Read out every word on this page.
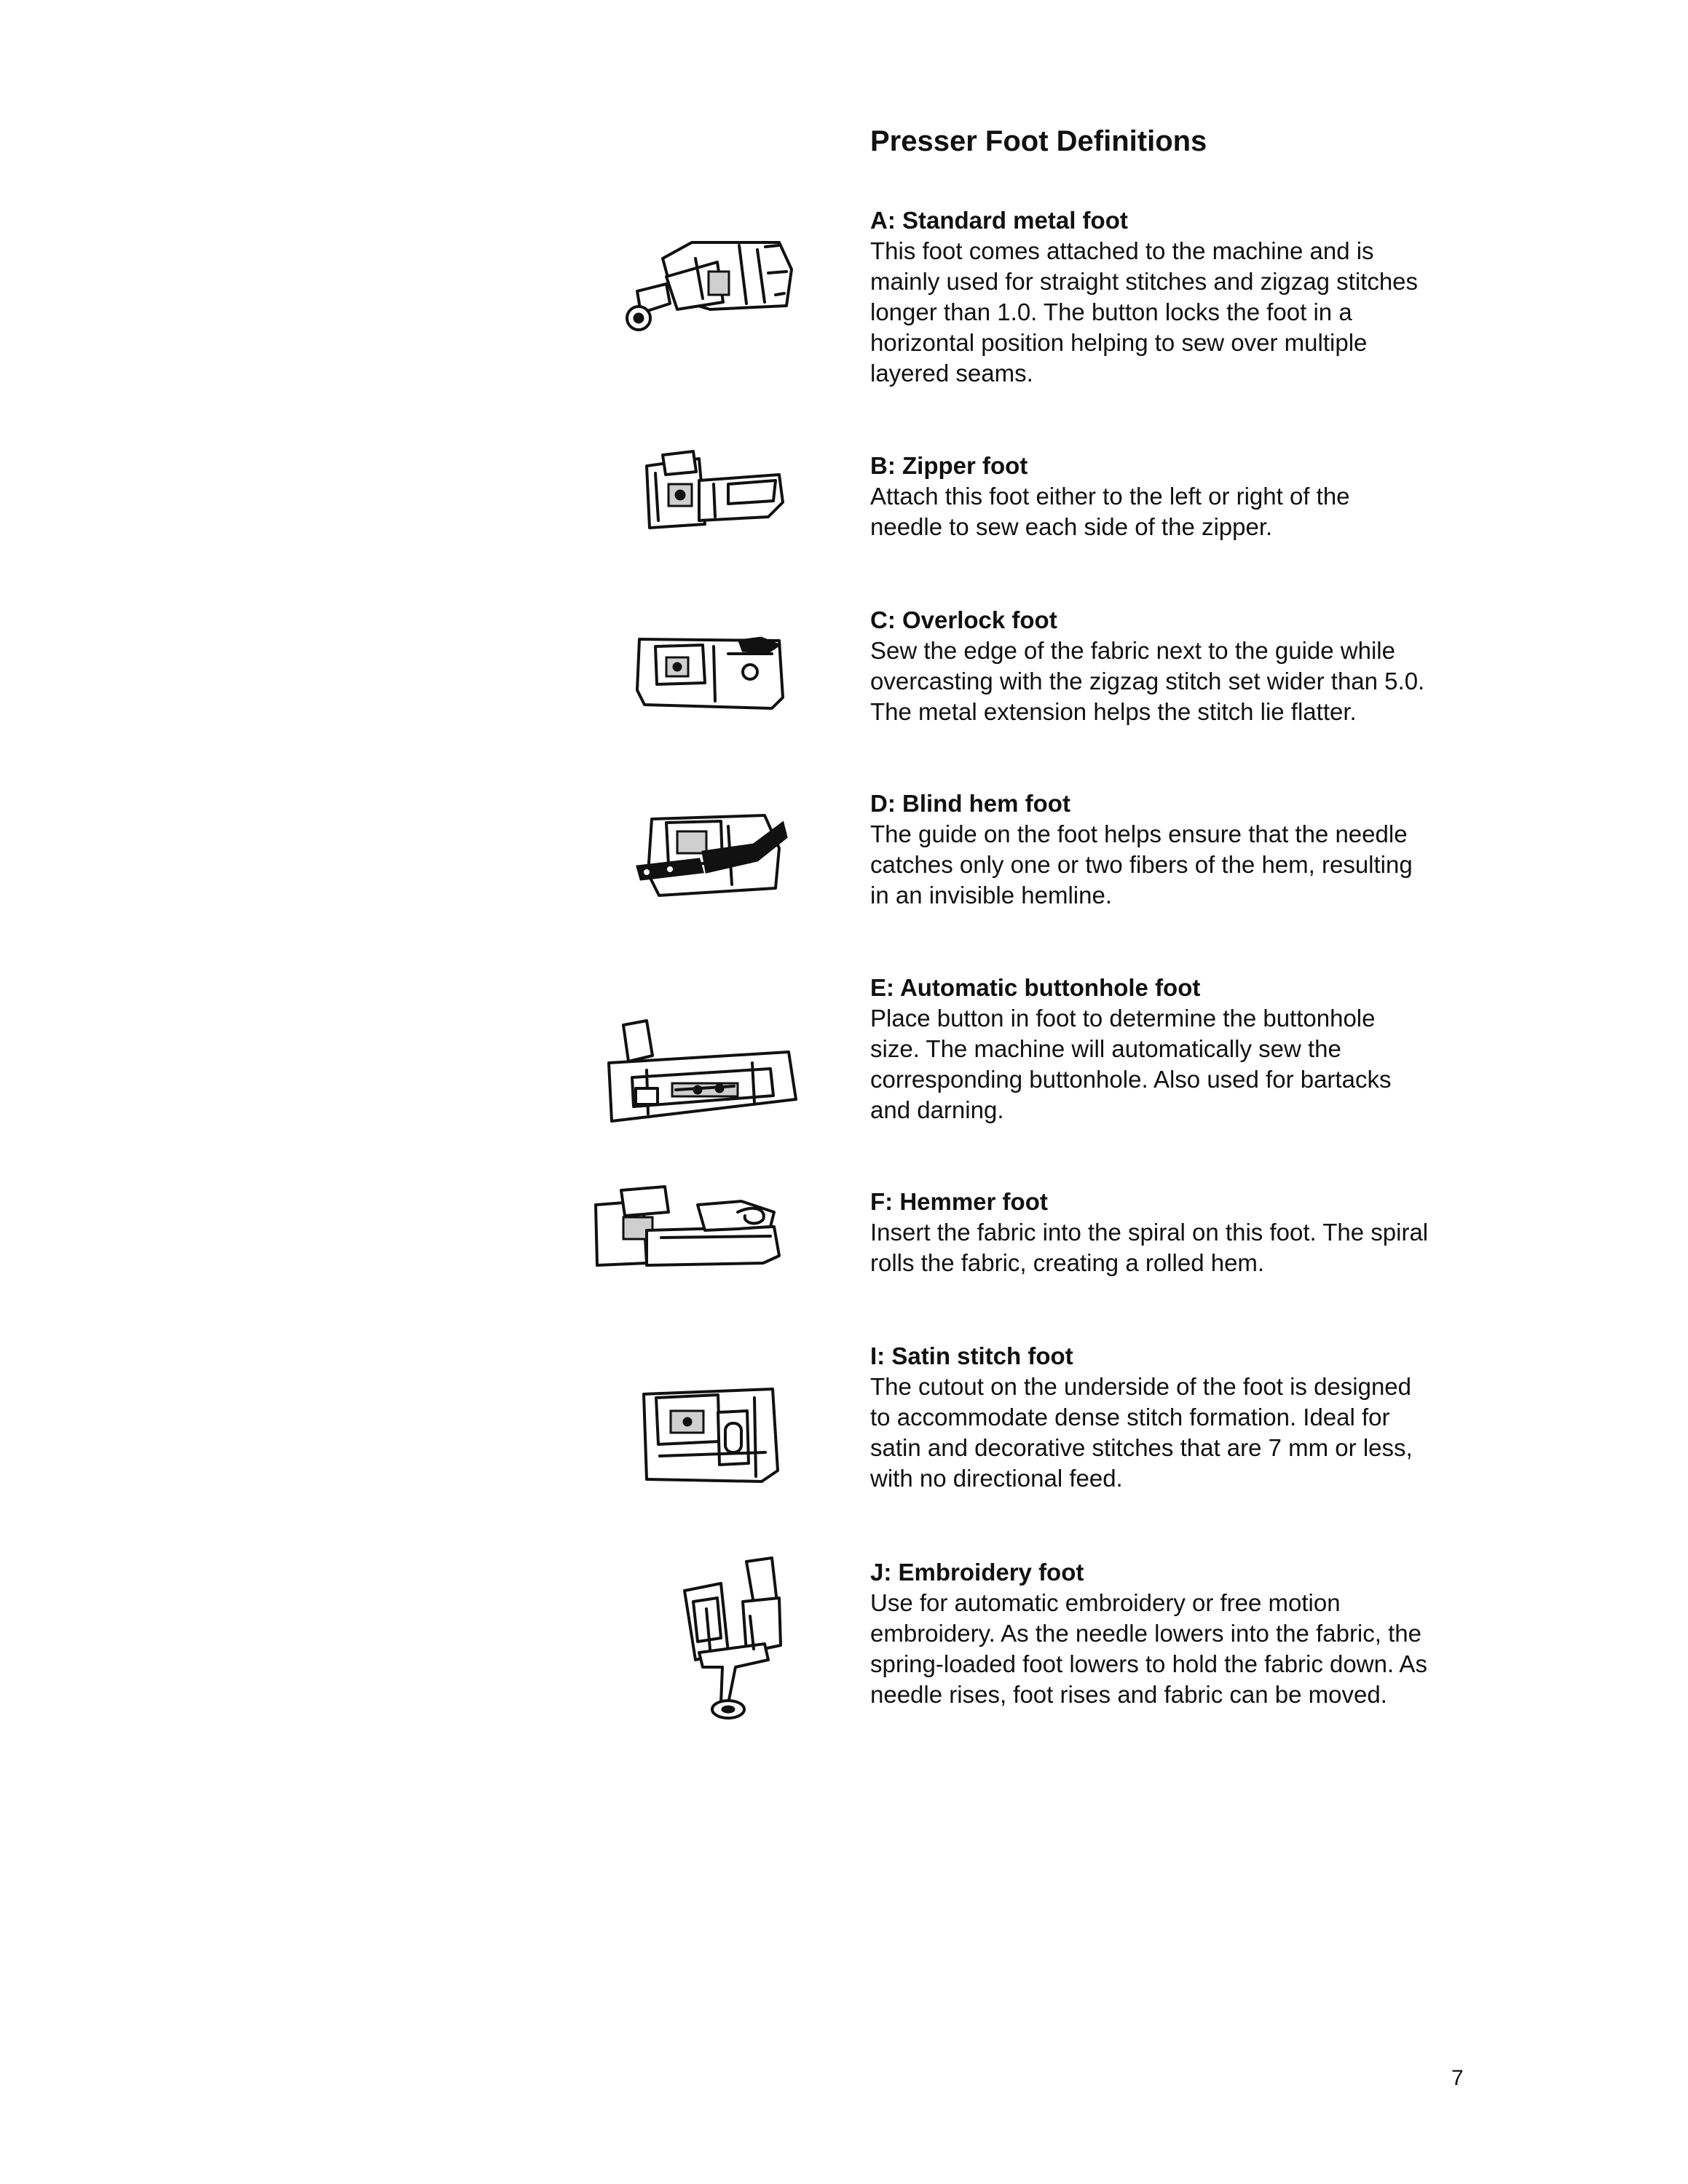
Presser Foot Definitions

A: Standard metal foot

This foot comes attached to the machine and is
mainly used for straight stitches and zigzag stitches
longer than 1.0. The button locks the foot in a
horizontal position helping to sew over multiple
layered seams.

B: Zipper foot

Attach this foot either to the left or right of the
needle to sew each side of the zipper.

C: Overlock foot

Sew the edge of the fabric next to the guide while
overcasting with the zigzag stitch set wider than 5.0.
The metal extension helps the stitch lie flatter.

D: Blind hem foot

The guide on the foot helps ensure that the needle
catches only one or two fibers of the hem, resulting
in an invisible hemline.

E: Automatic buttonhole foot

Place button in foot to determine the buttonhole
size. The machine will automatically sew the
corresponding buttonhole. Also used for bartacks
and darning.

F: Hemmer foot

Insert the fabric into the spiral on this foot. The spiral
rolls the fabric, creating a rolled hem.

I: Satin stitch foot

The cutout on the underside of the foot is designed
to accommodate dense stitch formation. Ideal for
satin and decorative stitches that are 7 mm or less,
with no directional feed.

J: Embroidery foot

Use for automatic embroidery or free motion
embroidery. As the needle lowers into the fabric, the
spring-loaded foot lowers to hold the fabric down. As
needle rises, foot rises and fabric can be moved.

7
